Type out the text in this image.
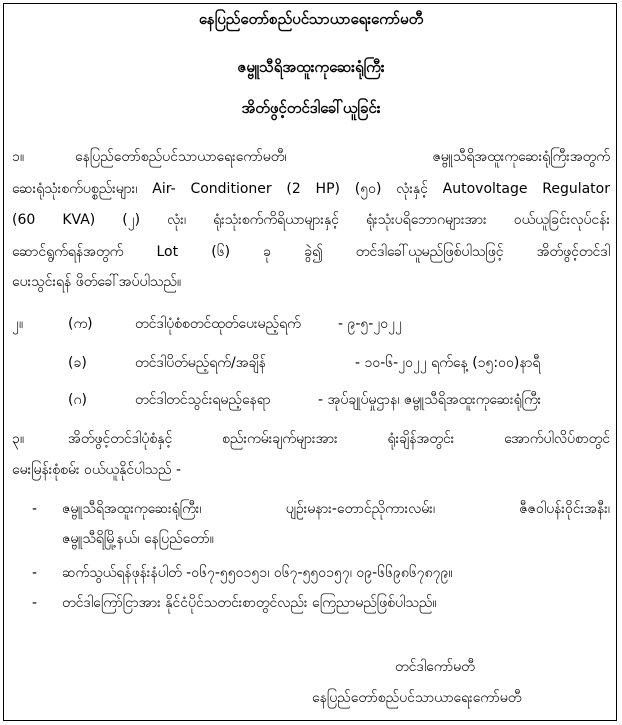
နေပြည်တော်စည်ပင်သာယာရေးကော်မတီ
ဇမ္ဗူသီရိအထူးကုဆေးရုံကြီး
အိတ်ဖွင့်တင်ဒါခေါ်ယူခြင်း
၁။	နေပြည်တော်စည်ပင်သာယာရေးကော်မတီ၊ ဇမ္ဗူသီရိအထူးကုဆေးရုံကြီးအတွက်
ဆေးရုံသုံးစက်ပစ္စည်းများ၊ Air- Conditioner (2 HP) (၅၀) လုံးနှင့် Autovoltage Regulator
(60 KVA) (၂) လုံး၊ ရုံးသုံးစက်ကိရိယာများနှင့် ရုံးသုံးပရိဘောဂများအား ဝယ်ယူခြင်းလုပ်ငန်း
ဆောင်ရွက်ရန်အတွက် Lot (၆) ခု ခွဲ၍ တင်ဒါခေါ်ယူမည်ဖြစ်ပါသဖြင့် အိတ်ဖွင့်တင်ဒါ
ပေးသွင်းရန် ဖိတ်ခေါ်အပ်ပါသည်။
၂။	(က)	တင်ဒါပုံစံစတင်ထုတ်ပေးမည့်ရက်	- ၉-၅-၂၀၂၂
(ခ)	တင်ဒါပိတ်မည့်ရက်/အချိန်	- ၁၀-၆-၂၀၂၂ ရက်နေ့ (၁၅:၀၀)နာရီ
(ဂ)	တင်ဒါတင်သွင်းရမည့်နေရာ	- အုပ်ချုပ်မှုဌာန၊ ဇမ္ဗူသီရိအထူးကုဆေးရုံကြီး
၃။	အိတ်ဖွင့်တင်ဒါပုံစံနှင့် စည်းကမ်းချက်များအား ရုံးချိန်အတွင်း အောက်ပါလိပ်စာတွင်
မေးမြန်းစုံစမ်း ဝယ်ယူနိုင်ပါသည် -
- ဇမ္ဗူသီရိအထူးကုဆေးရုံကြီး၊ ပျဉ်းမနား-တောင်ညိုကားလမ်း၊ ဇီဇဝါပန်းဝိုင်းအနီး၊
ဇမ္ဗူသီရိမြို့နယ်၊ နေပြည်တော်။
- ဆက်သွယ်ရန်ဖုန်းနံပါတ် -၀၆၇-၅၅၀၁၅၁၊ ၀၆၇-၅၅၀၁၅၇၊ ၀၉-၆၆၉၈၆၇၈၇၉။
- တင်ဒါကြော်ငြာအား နိုင်ငံပိုင်သတင်းစာတွင်လည်း ကြေညာမည်ဖြစ်ပါသည်။
တင်ဒါကော်မတီ
နေပြည်တော်စည်ပင်သာယာရေးကော်မတီ
